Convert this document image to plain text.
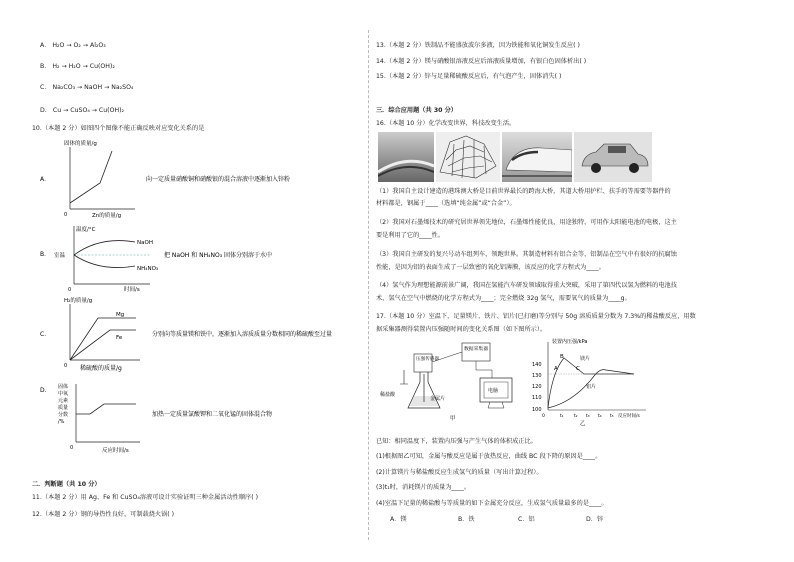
A． H₂O → O₂ → Al₂O₃
B． H₂ → H₂O → Cu(OH)₂
C． Na₂CO₃ → NaOH → Na₂SO₄
D． Cu → CuSO₄ → Cu(OH)₂
10.（本题 2 分）如图四个图像不能正确反映对应变化关系的是
A．
固体的质量/g
0	Zn的质量/g
向一定质量硝酸铜和硝酸银的混合溶液中逐渐加入锌粉
B．
温度/°C
室温
NaOH
NH₄NO₃
0	时间/s
把 NaOH 和 NH₄NO₃ 固体分别溶于水中
C．
H₂的质量/g
Mg
Fe
0 稀硫酸的质量/g
分别向等质量镁和铁中，逐渐加入溶质质量分数相同的稀硫酸至过量
D． 固体
中氧
元素
质量
分数
/%
0	反应时间/s
加热一定质量氯酸钾和二氧化锰的固体混合物
二．判断题（共 10 分）
11.（本题 2 分）用 Ag、Fe 和 CuSO₄溶液可设计实验证明三种金属活动性顺序( )
12.（本题 2 分）钢的导热性良好，可制载烧火锅( )
13.（本题 2 分）铁制品不能盛放波尔多液，因为铁能和氧化铜发生反应( )
14.（本题 2 分）镁与硝酸银溶液反应后溶液质量增加，有银白色固体析出( )
15.（本题 2 分）锌与足量稀硫酸反应后，有气泡产生，固体消失( )
三．综合应用题（共 30 分）
16.（本题 10 分）化学改变世界，科技改变生活。
（1）我国自主设计建造的港珠澳大桥是目前世界最长的跨海大桥，其道大桥用护栏、扶手的等需要等器件的
材料都是，钢属于____（选填“纯金属”或“合金”）。
（2）我国对石墨烯技术的研究居世界领先地位，石墨烯性能优良，用途独特，可用作太阳能电池的电极，这主
要是利用了它的____性。
（3）我国自主研发的复兴号动车组列车，领跑世界。其制造材料有铝合金等，铝制品在空气中有很好的抗腐蚀
性能，是因为铝的表面生成了一层致密的氧化铝薄膜，该反应的化学方程式为____。
（4）氢气作为理想能源前景广阔，我国在氢能汽车研发领域取得重大突破，采用了第四代以氢为燃料的电池技
术，氢气在空气中燃烧的化学方程式为____；完全燃烧 32g 氢气，需要氧气的质量为____g。
17.（本题 10 分）室温下，足量镁片、铁片、铝片(已打磨)等分别与 50g 溶质质量分数为 7.3%的稀盐酸反应，用数
据采集器测得装置内压强随时间的变化关系图（如下图所示）。
数据采集器
压强传感器
电脑
稀盐酸
金属片
甲
装置内压强/kPa
140
130
120
110
100
0	t₁ t₂ t₃ t₄ t₅ 反应时间/s
A
B
C
镁片
铝片
乙
已知：相同温度下，装置内压强与产生气体的体积成正比。
(1)根据图乙可知，金属与酸反应是属于放热反应，曲线 BC 段下降的原因是____。
(2)计算镁片与稀盐酸反应生成氢气的质量（写出计算过程）。
(3)t₁时，消耗镁片的质量为____。
(4)室温下足量的稀盐酸与等质量的如下金属充分反应，生成氢气质量最多的是____。
A．镁	B．铁	C．铝	D．锌
